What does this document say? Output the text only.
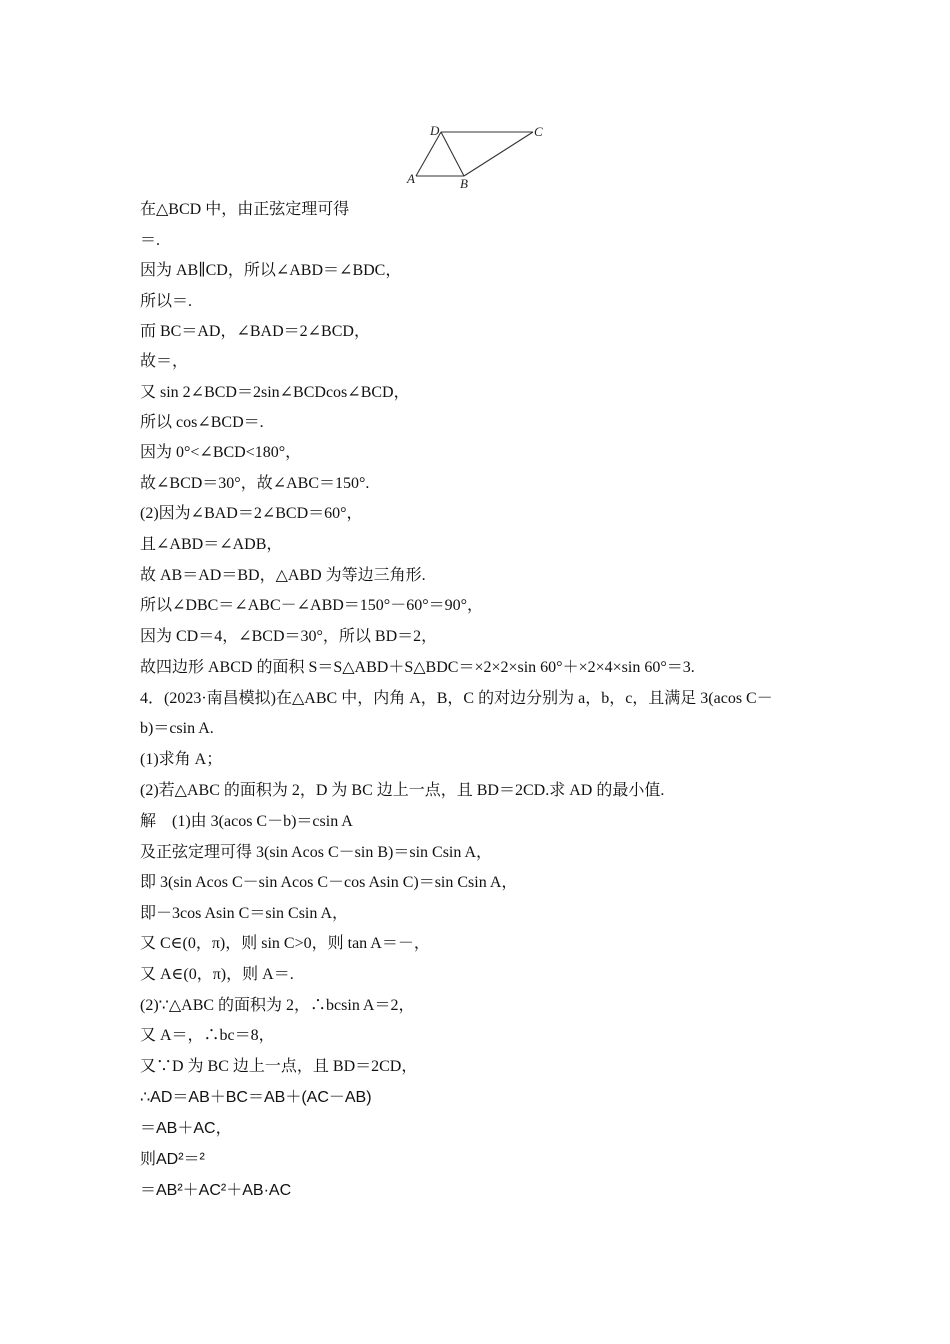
D	C
A	B
在△BCD 中，由正弦定理可得
＝.
因为 AB∥CD，所以∠ABD＝∠BDC，
所以＝.
而 BC＝AD，∠BAD＝2∠BCD，
故＝，
又 sin 2∠BCD＝2sin∠BCDcos∠BCD，
所以 cos∠BCD＝.
因为 0°<∠BCD<180°，
故∠BCD＝30°，故∠ABC＝150°.
(2)因为∠BAD＝2∠BCD＝60°，
且∠ABD＝∠ADB，
故 AB＝AD＝BD，△ABD 为等边三角形.
所以∠DBC＝∠ABC－∠ABD＝150°－60°＝90°，
因为 CD＝4，∠BCD＝30°，所以 BD＝2，
故四边形 ABCD 的面积 S＝S△ABD＋S△BDC＝×2×2×sin 60°＋×2×4×sin 60°＝3.
4．(2023·南昌模拟)在△ABC 中，内角 A，B，C 的对边分别为 a，b，c，且满足 3(acos C－
b)＝csin A.
(1)求角 A；
(2)若△ABC 的面积为 2，D 为 BC 边上一点，且 BD＝2CD.求 AD 的最小值.
解　(1)由 3(acos C－b)＝csin A
及正弦定理可得 3(sin Acos C－sin B)＝sin Csin A，
即 3(sin Acos C－sin Acos C－cos Asin C)＝sin Csin A，
即－3cos Asin C＝sin Csin A，
又 C∈(0，π)，则 sin C>0，则 tan A＝－，
又 A∈(0，π)，则 A＝.
(2)∵△ABC 的面积为 2，∴bcsin A＝2，
又 A＝，∴bc＝8，
又∵D 为 BC 边上一点，且 BD＝2CD，
∴AD＝AB＋BC＝AB＋(AC－AB)
＝AB＋AC，
则AD²＝²
＝AB²＋AC²＋AB·AC
